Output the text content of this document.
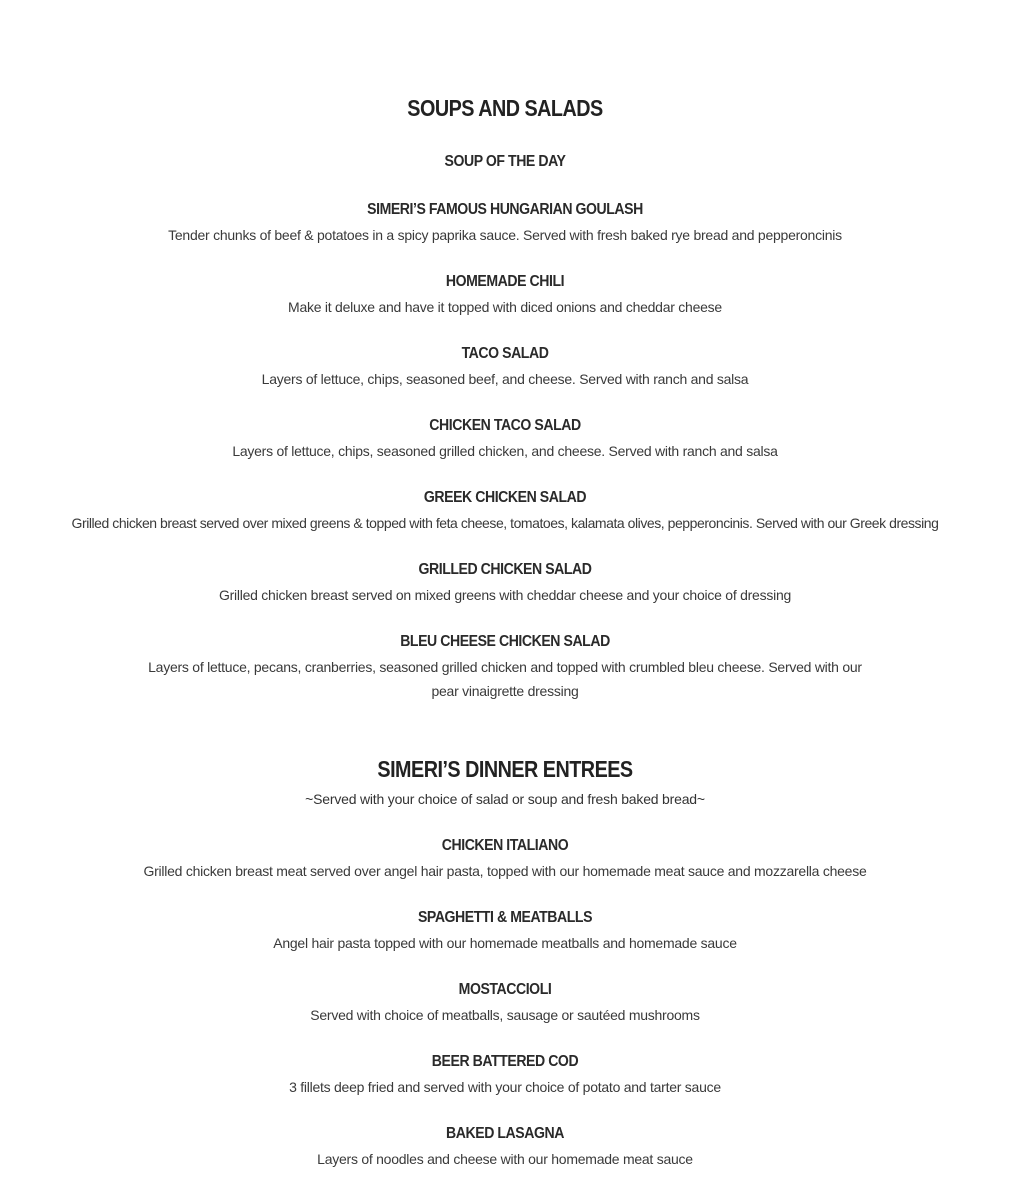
SOUPS AND SALADS
SOUP OF THE DAY
SIMERI’S FAMOUS HUNGARIAN GOULASH
Tender chunks of beef & potatoes in a spicy paprika sauce. Served with fresh baked rye bread and pepperoncinis
HOMEMADE CHILI
Make it deluxe and have it topped with diced onions and cheddar cheese
TACO SALAD
Layers of lettuce, chips, seasoned beef, and cheese. Served with ranch and salsa
CHICKEN TACO SALAD
Layers of lettuce, chips, seasoned grilled chicken, and cheese. Served with ranch and salsa
GREEK CHICKEN SALAD
Grilled chicken breast served over mixed greens & topped with feta cheese, tomatoes, kalamata olives, pepperoncinis. Served with our Greek dressing
GRILLED CHICKEN SALAD
Grilled chicken breast served on mixed greens with cheddar cheese and your choice of dressing
BLEU CHEESE CHICKEN SALAD
Layers of lettuce, pecans, cranberries, seasoned grilled chicken and topped with crumbled bleu cheese. Served with our pear vinaigrette dressing
SIMERI’S DINNER ENTREES
~Served with your choice of salad or soup and fresh baked bread~
CHICKEN ITALIANO
Grilled chicken breast meat served over angel hair pasta, topped with our homemade meat sauce and mozzarella cheese
SPAGHETTI & MEATBALLS
Angel hair pasta topped with our homemade meatballs and homemade sauce
MOSTACCIOLI
Served with choice of meatballs, sausage or sautéed mushrooms
BEER BATTERED COD
3 fillets deep fried and served with your choice of potato and tarter sauce
BAKED LASAGNA
Layers of noodles and cheese with our homemade meat sauce
